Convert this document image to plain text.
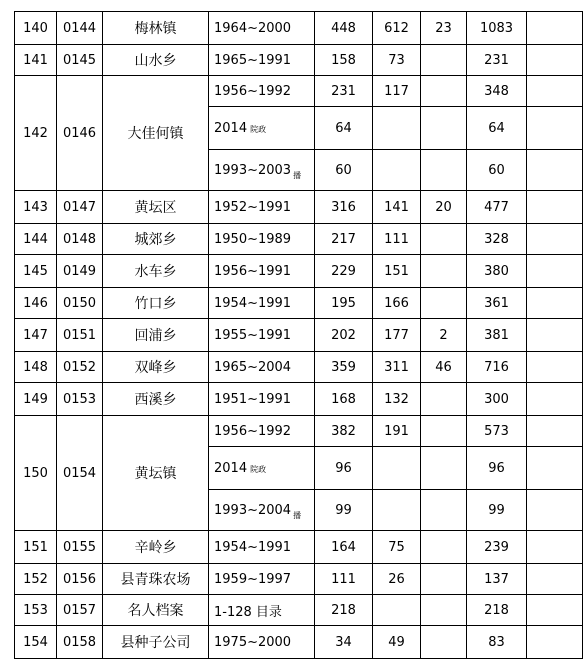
140	0144	梅林镇	1964~2000	448	612	23	1083	
141	0145	山水乡	1965~1991	158	73		231	
142	0146	大佳何镇	1956~1992	231	117		348	
			2014 院政	64			64	
			1993~2003 $_播$	60			60	
143	0147	黄坛区	1952~1991	316	141	20	477	
144	0148	城郊乡	1950~1989	217	111		328	
145	0149	水车乡	1956~1991	229	151		380	
146	0150	竹口乡	1954~1991	195	166		361	
147	0151	回浦乡	1955~1991	202	177	2	381	
148	0152	双峰乡	1965~2004	359	311	46	716	
149	0153	西溪乡	1951~1991	168	132		300	
150	0154	黄坛镇	1956~1992	382	191		573	
			2014 院政	96			96	
			1993~2004 $_播$	99			99	
151	0155	辛岭乡	1954~1991	164	75		239	
152	0156	县青珠农场	1959~1997	111	26		137	
153	0157	名人档案	1-128 目录	218			218	
154	0158	县种子公司	1975~2000	34	49		83	
